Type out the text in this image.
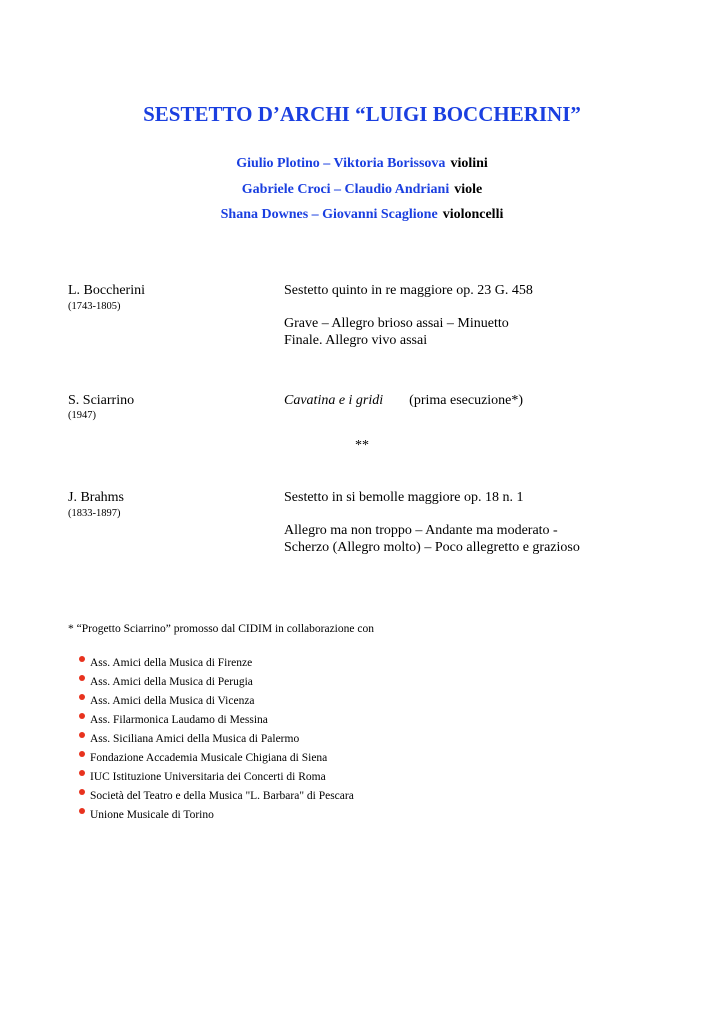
SESTETTO D’ARCHI “LUIGI BOCCHERINI”
Giulio Plotino – Viktoria Borissova violini
Gabriele Croci – Claudio Andriani viole
Shana Downes – Giovanni Scaglione violoncelli
L. Boccherini
(1743-1805)
Sestetto quinto in re maggiore op. 23 G. 458
Grave – Allegro brioso assai – Minuetto
Finale. Allegro vivo assai
S. Sciarrino
(1947)
Cavatina e i gridi (prima esecuzione*)
**
J. Brahms
(1833-1897)
Sestetto in si bemolle maggiore op. 18 n. 1
Allegro ma non troppo – Andante ma moderato -
Scherzo (Allegro molto) – Poco allegretto e grazioso
* “Progetto Sciarrino” promosso dal CIDIM in collaborazione con
Ass. Amici della Musica di Firenze
Ass. Amici della Musica di Perugia
Ass. Amici della Musica di Vicenza
Ass. Filarmonica Laudamo di Messina
Ass. Siciliana Amici della Musica di Palermo
Fondazione Accademia Musicale Chigiana di Siena
IUC Istituzione Universitaria dei Concerti di Roma
Società del Teatro e della Musica "L. Barbara" di Pescara
Unione Musicale di Torino
